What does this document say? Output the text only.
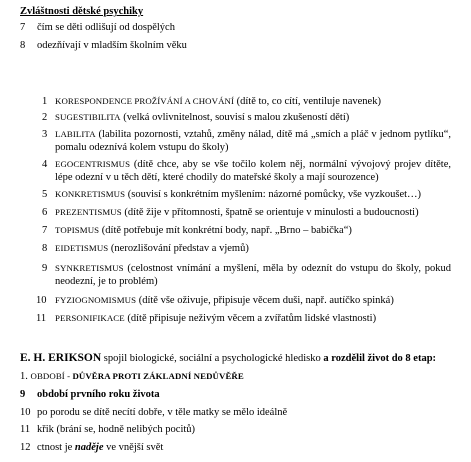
Zvláštnosti dětské psychiky
7 čím se děti odlišují od dospělých
8 odezňívají v mladším školním věku
1 KORESPONDENCE PROŽÍVÁNÍ A CHOVÁNÍ (dítě to, co cítí, ventiluje navenek)
2 SUGESTIBILITA (velká ovlivnitelnost, souvisí s malou zkušeností dětí)
3 LABILITA (labilita pozornosti, vztahů, změny nálad, dítě má „smích a pláč v jednom pytlíku“, pomalu odeznívá kolem vstupu do školy)
4 EGOCENTRISMUS (dítě chce, aby se vše točilo kolem něj, normální vývojový projev dítěte, lépe odezní v u těch dětí, které chodily do mateřské školy a mají sourozence)
5 KONKRETISMUS (souvisí s konkrétním myšlením: názorné pomůcky, vše vyzkoušet…)
6 PREZENTISMUS (dítě žije v přítomnosti, špatně se orientuje v minulosti a budoucnosti)
7 TOPISMUS (dítě potřebuje mít konkrétní body, např. „Brno – babička“)
8 EIDETISMUS (nerozlišování představ a vjemů)
9 SYNKRETISMUS (celostnost vnímání a myšlení, měla by odeznít do vstupu do školy, pokud neodezní, je to problém)
10 FYZIOGNOMISMUS (dítě vše oživuje, připisuje věcem duši, např. autíčko spinká)
11 PERSONIFIKACE (dítě připisuje neživým věcem a zvířatům lidské vlastnosti)
E. H. ERIKSON spojil biologické, sociální a psychologické hledisko a rozdělil život do 8 etap:
1. OBDOBÍ - DŮVĚRA PROTI ZÁKLADNÍ NEDŮVĚŘE
9 období prvního roku života
10 po porodu se dítě necítí dobře, v těle matky se mělo ideálně
11 křik (brání se, hodně nelibých pocitů)
12 ctnost je naděje ve vnější svět
